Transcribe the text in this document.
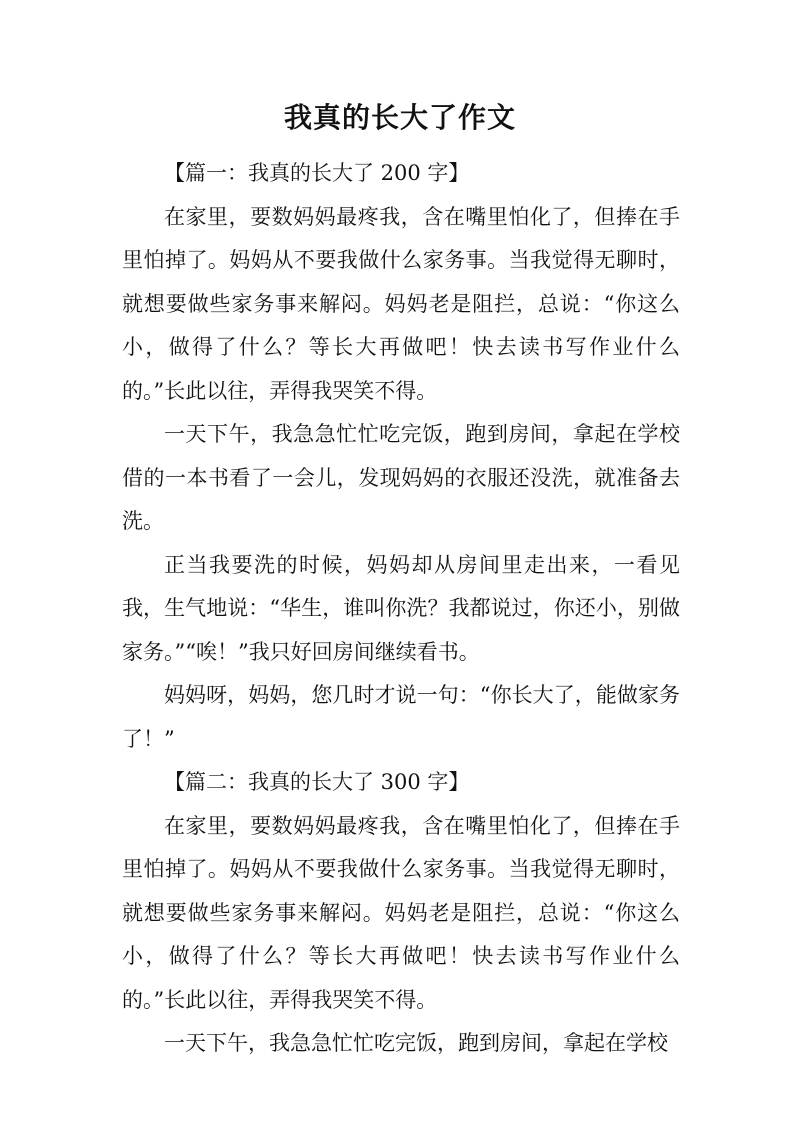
我真的长大了作文

【篇一：我真的长大了 200 字】

在家里，要数妈妈最疼我，含在嘴里怕化了，但捧在手里怕掉了。妈妈从不要我做什么家务事。当我觉得无聊时，就想要做些家务事来解闷。妈妈老是阻拦，总说：“你这么小，做得了什么？等长大再做吧！快去读书写作业什么的。”长此以往，弄得我哭笑不得。

一天下午，我急急忙忙吃完饭，跑到房间，拿起在学校借的一本书看了一会儿，发现妈妈的衣服还没洗，就准备去洗。

正当我要洗的时候，妈妈却从房间里走出来，一看见我，生气地说：“华生，谁叫你洗？我都说过，你还小，别做家务。”“唉！”我只好回房间继续看书。

妈妈呀，妈妈，您几时才说一句：“你长大了，能做家务了！”

【篇二：我真的长大了 300 字】

在家里，要数妈妈最疼我，含在嘴里怕化了，但捧在手里怕掉了。妈妈从不要我做什么家务事。当我觉得无聊时，就想要做些家务事来解闷。妈妈老是阻拦，总说：“你这么小，做得了什么？等长大再做吧！快去读书写作业什么的。”长此以往，弄得我哭笑不得。

一天下午，我急急忙忙吃完饭，跑到房间，拿起在学校
